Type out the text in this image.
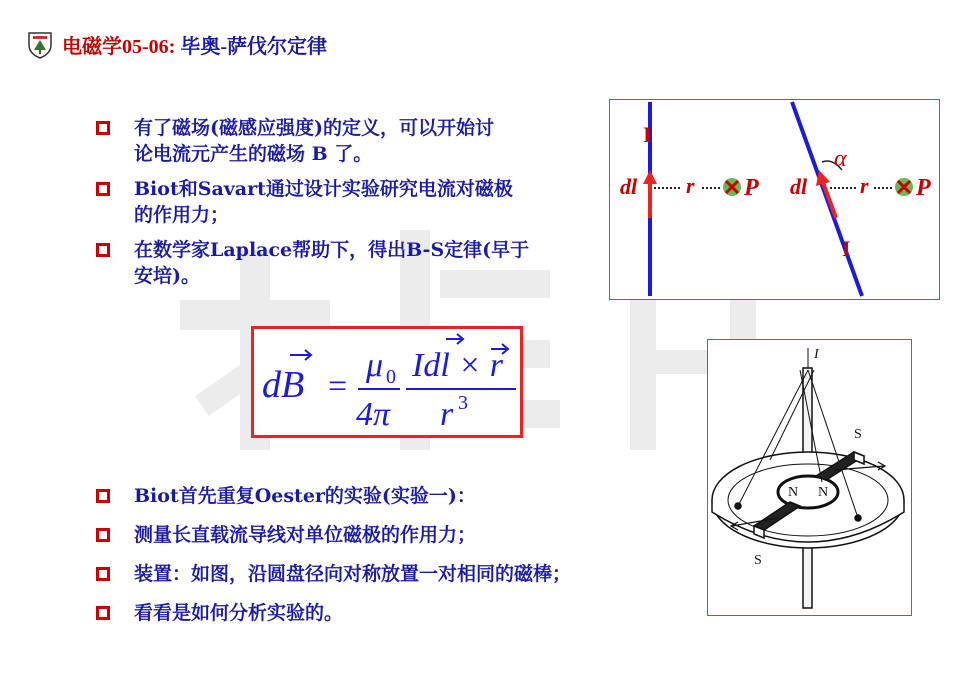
电磁学05-06: 毕奥-萨伐尔定律
有了磁场(磁感应强度)的定义，可以开始讨
论电流元产生的磁场 B 了。
Biot和Savart通过设计实验研究电流对磁极
的作用力；
在数学家Laplace帮助下，得出B-S定律(早于
安培)。
dB =
μ 0
4π
Idl × r
r 3
I
dl r P
α
dl r P
I
I
S
S
N N
Biot首先重复Oester的实验(实验一)：
测量长直载流导线对单位磁极的作用力；
装置：如图，沿圆盘径向对称放置一对相同的磁棒；
看看是如何分析实验的。
